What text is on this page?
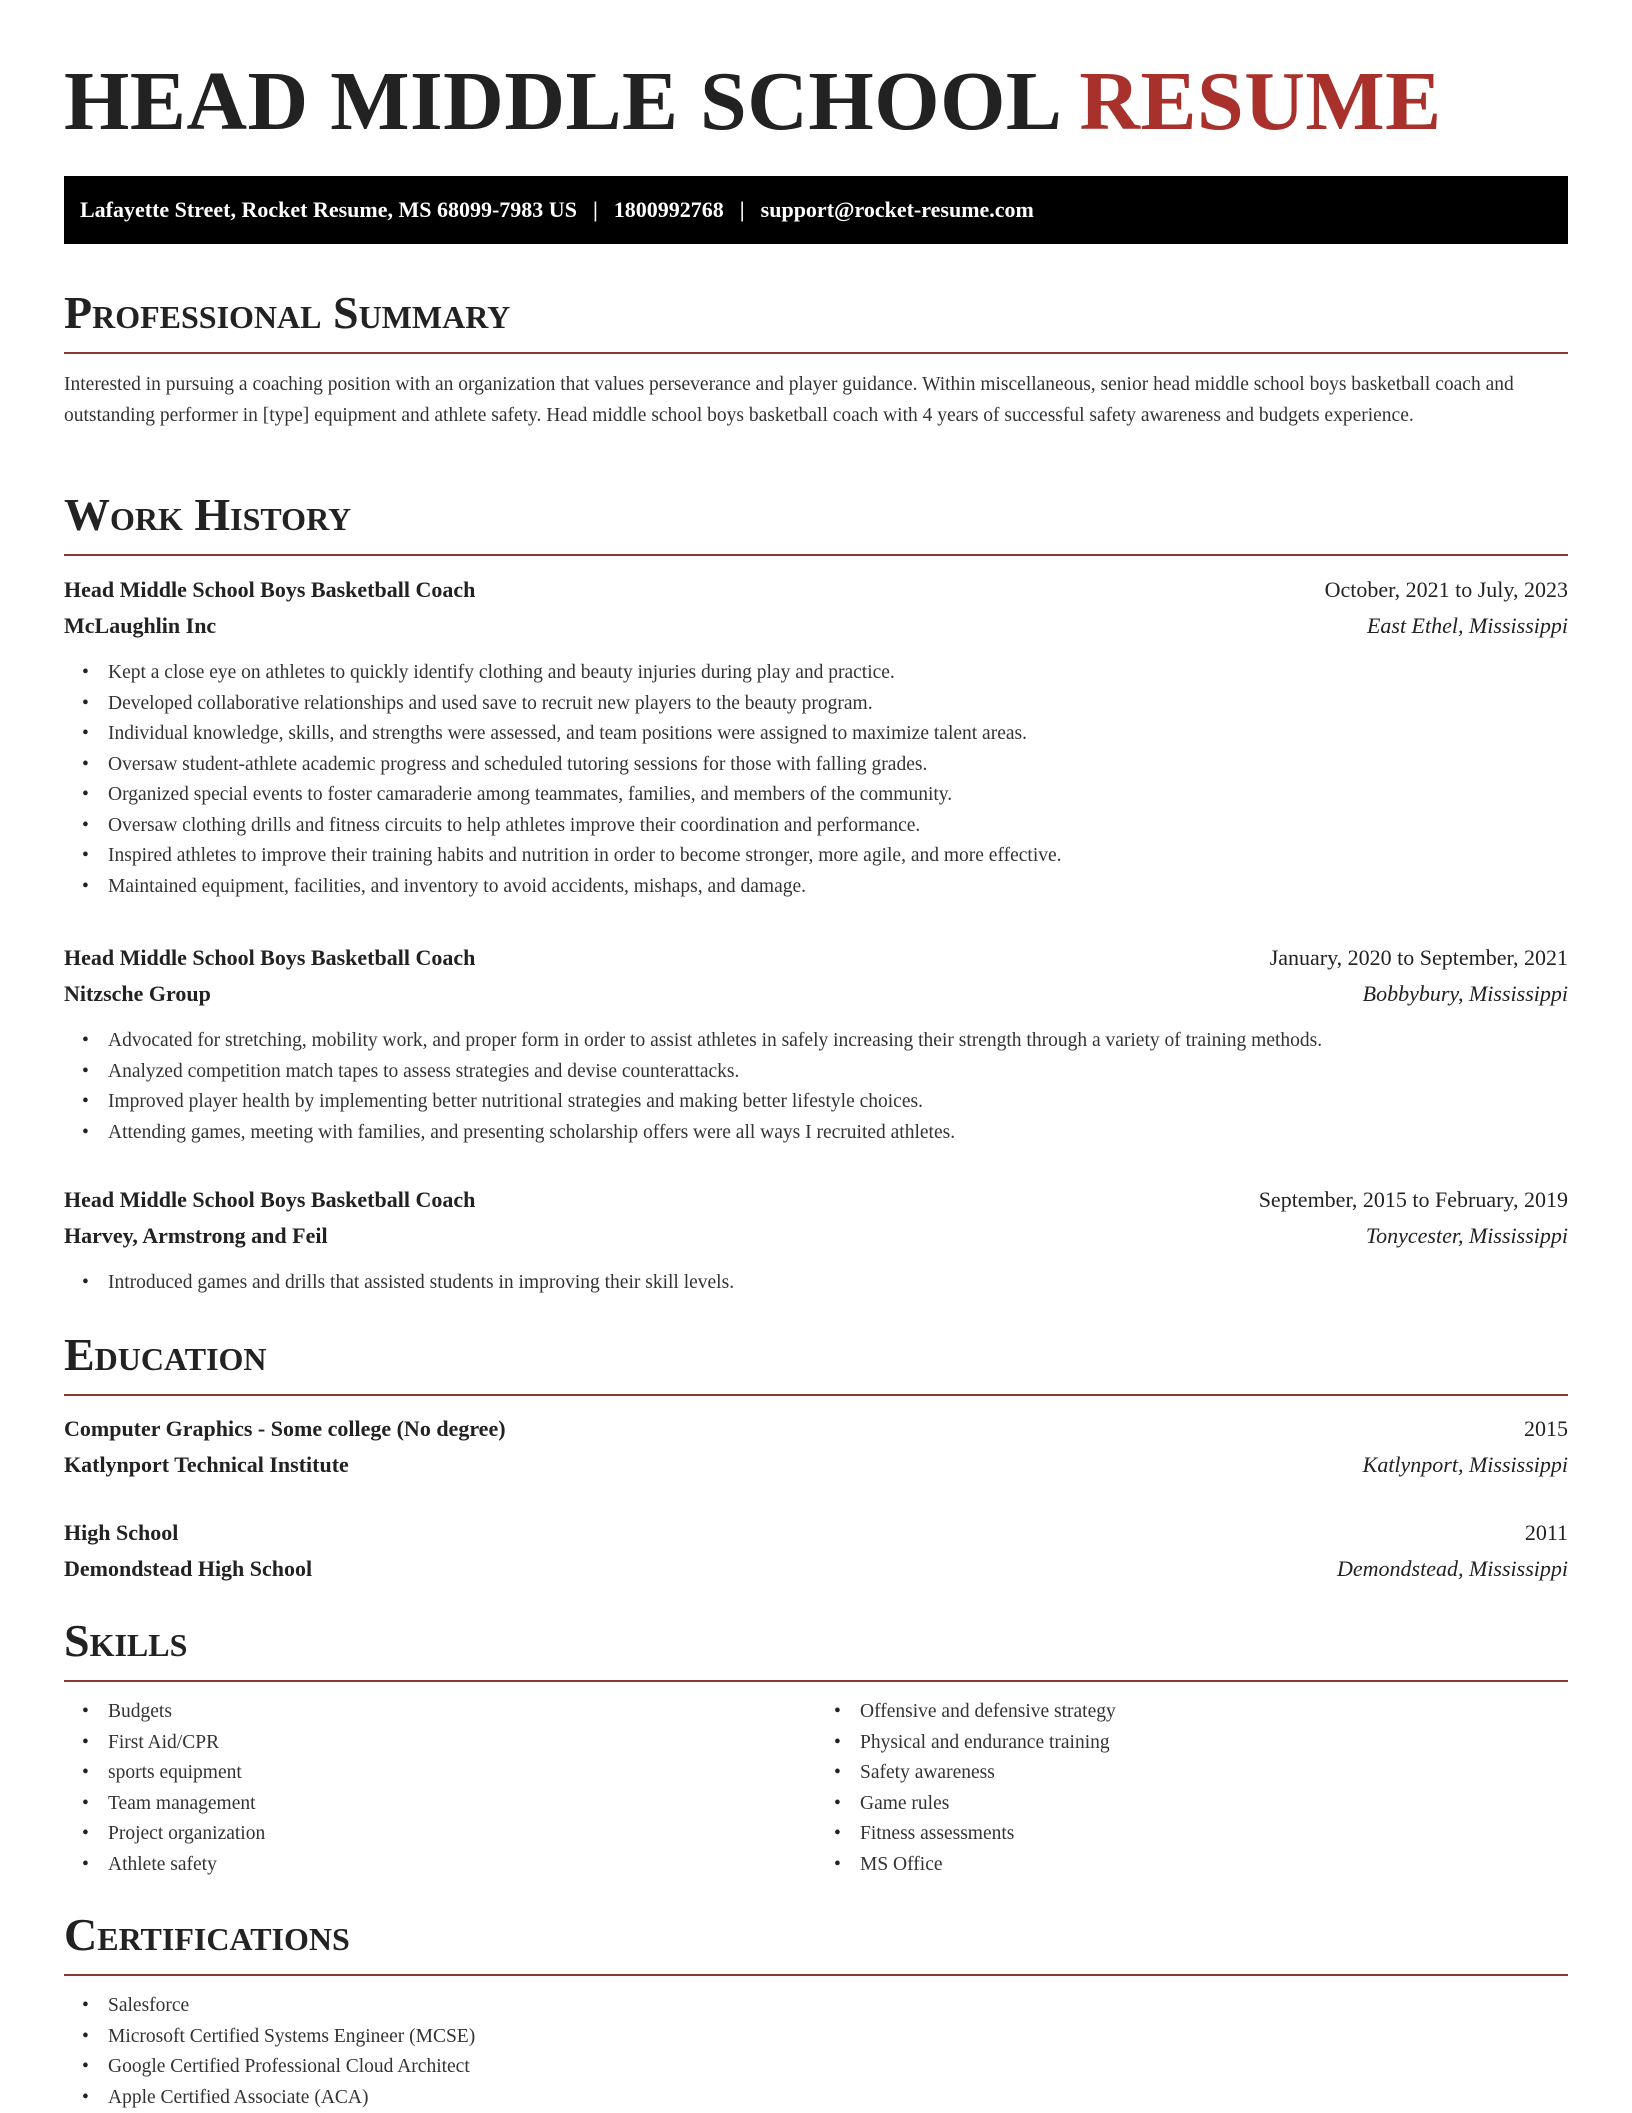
HEAD MIDDLE SCHOOL RESUME
Lafayette Street, Rocket Resume, MS 68099-7983 US | 1800992768 | support@rocket-resume.com
Professional Summary

Interested in pursuing a coaching position with an organization that values perseverance and player guidance. Within miscellaneous, senior head middle school boys basketball coach and outstanding performer in [type] equipment and athlete safety. Head middle school boys basketball coach with 4 years of successful safety awareness and budgets experience.

Work History
Head Middle School Boys Basketball Coach	October, 2021 to July, 2023
McLaughlin Inc	East Ethel, Mississippi
• Kept a close eye on athletes to quickly identify clothing and beauty injuries during play and practice.
• Developed collaborative relationships and used save to recruit new players to the beauty program.
• Individual knowledge, skills, and strengths were assessed, and team positions were assigned to maximize talent areas.
• Oversaw student-athlete academic progress and scheduled tutoring sessions for those with falling grades.
• Organized special events to foster camaraderie among teammates, families, and members of the community.
• Oversaw clothing drills and fitness circuits to help athletes improve their coordination and performance.
• Inspired athletes to improve their training habits and nutrition in order to become stronger, more agile, and more effective.
• Maintained equipment, facilities, and inventory to avoid accidents, mishaps, and damage.
Head Middle School Boys Basketball Coach	January, 2020 to September, 2021
Nitzsche Group	Bobbybury, Mississippi
• Advocated for stretching, mobility work, and proper form in order to assist athletes in safely increasing their strength through a variety of training methods.
• Analyzed competition match tapes to assess strategies and devise counterattacks.
• Improved player health by implementing better nutritional strategies and making better lifestyle choices.
• Attending games, meeting with families, and presenting scholarship offers were all ways I recruited athletes.
Head Middle School Boys Basketball Coach	September, 2015 to February, 2019
Harvey, Armstrong and Feil	Tonycester, Mississippi
• Introduced games and drills that assisted students in improving their skill levels.
Education
Computer Graphics - Some college (No degree)	2015
Katlynport Technical Institute	Katlynport, Mississippi
High School	2011
Demondstead High School	Demondstead, Mississippi
Skills
• Budgets
• First Aid/CPR
• sports equipment
• Team management
• Project organization
• Athlete safety
• Offensive and defensive strategy
• Physical and endurance training
• Safety awareness
• Game rules
• Fitness assessments
• MS Office
Certifications
• Salesforce
• Microsoft Certified Systems Engineer (MCSE)
• Google Certified Professional Cloud Architect
• Apple Certified Associate (ACA)
